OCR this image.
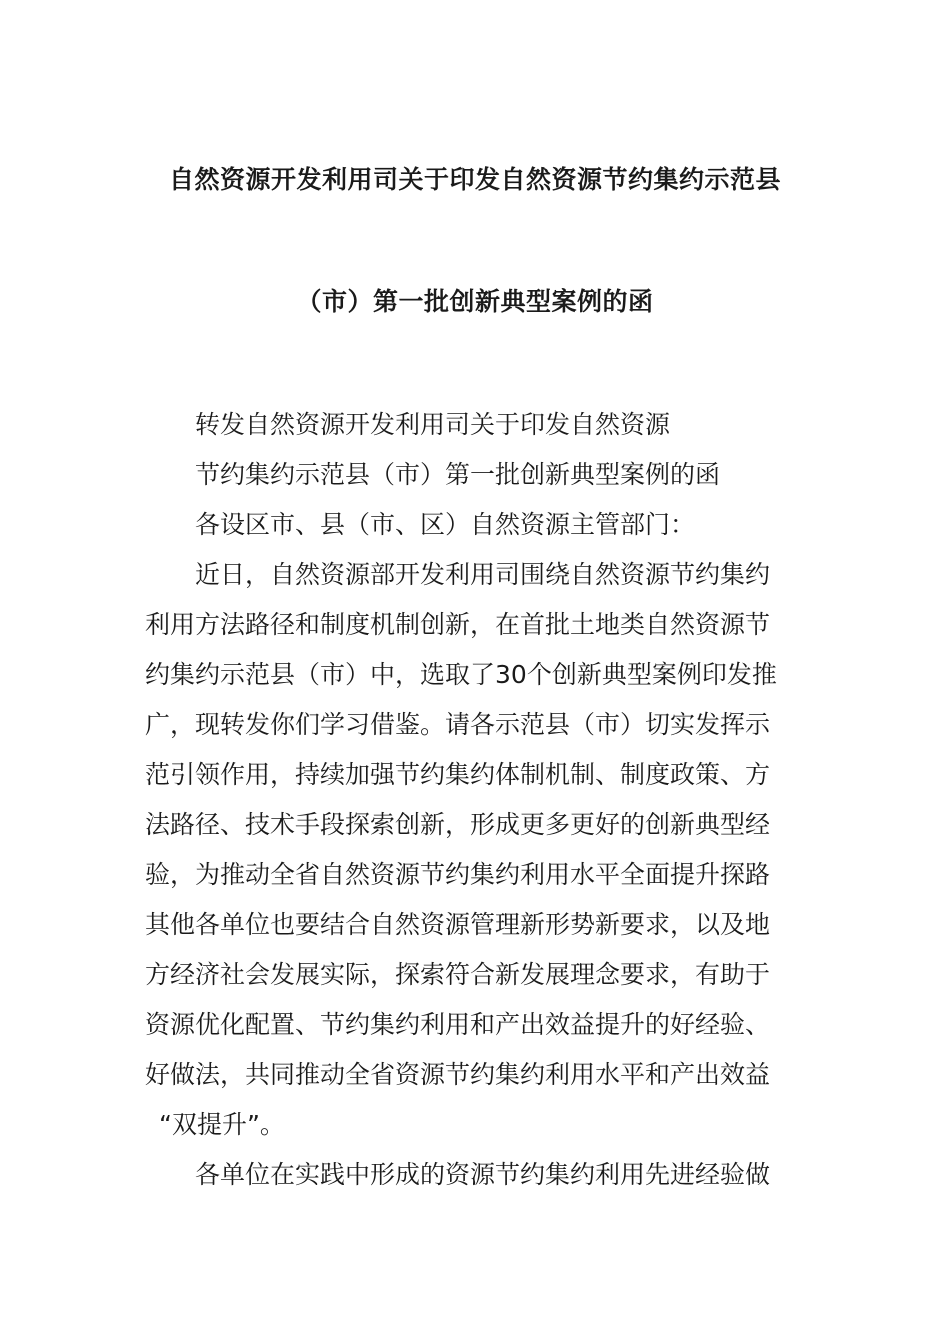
自然资源开发利用司关于印发自然资源节约集约示范县
（市）第一批创新典型案例的函
转发自然资源开发利用司关于印发自然资源
节约集约示范县（市）第一批创新典型案例的函
各设区市、县（市、区）自然资源主管部门：
近日，自然资源部开发利用司围绕自然资源节约集约
利用方法路径和制度机制创新，在首批土地类自然资源节
约集约示范县（市）中，选取了30个创新典型案例印发推
广，现转发你们学习借鉴。请各示范县（市）切实发挥示
范引领作用，持续加强节约集约体制机制、制度政策、方
法路径、技术手段探索创新，形成更多更好的创新典型经
验，为推动全省自然资源节约集约利用水平全面提升探路
其他各单位也要结合自然资源管理新形势新要求，以及地
方经济社会发展实际，探索符合新发展理念要求，有助于
资源优化配置、节约集约利用和产出效益提升的好经验、
好做法，共同推动全省资源节约集约利用水平和产出效益
“双提升”。
各单位在实践中形成的资源节约集约利用先进经验做
